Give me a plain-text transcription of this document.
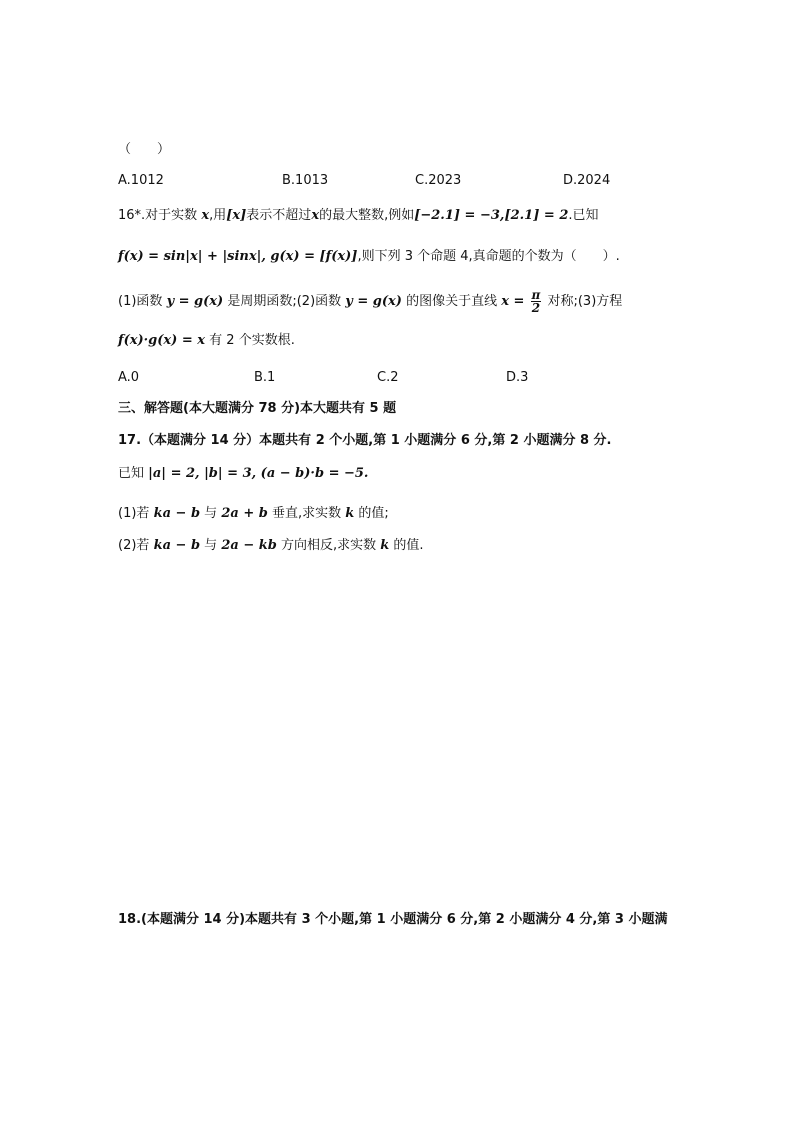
（　　）
A.1012	B.1013	C.2023	D.2024
16*.对于实数 x,用[x]表示不超过x的最大整数,例如[−2.1] = −3,[2.1] = 2.已知
f(x) = sin|x| + |sinx|, g(x) = [f(x)],则下列 3 个命题 4,真命题的个数为（　　）.
(1)函数 y = g(x) 是周期函数;(2)函数 y = g(x) 的图像关于直线 $x = \frac{\pi}{2}$ 对称;(3)方程
f(x)·g(x) = x 有 2 个实数根.
A.0	B.1	C.2	D.3
三、解答题(本大题满分 78 分)本大题共有 5 题
17.（本题满分 14 分）本题共有 2 个小题,第 1 小题满分 6 分,第 2 小题满分 8 分.
已知 |a| = 2, |b| = 3, (a − b)·b = −5.
(1)若 ka − b 与 2a + b 垂直,求实数 k 的值;
(2)若 ka − b 与 2a − kb 方向相反,求实数 k 的值.
18.(本题满分 14 分)本题共有 3 个小题,第 1 小题满分 6 分,第 2 小题满分 4 分,第 3 小题满
